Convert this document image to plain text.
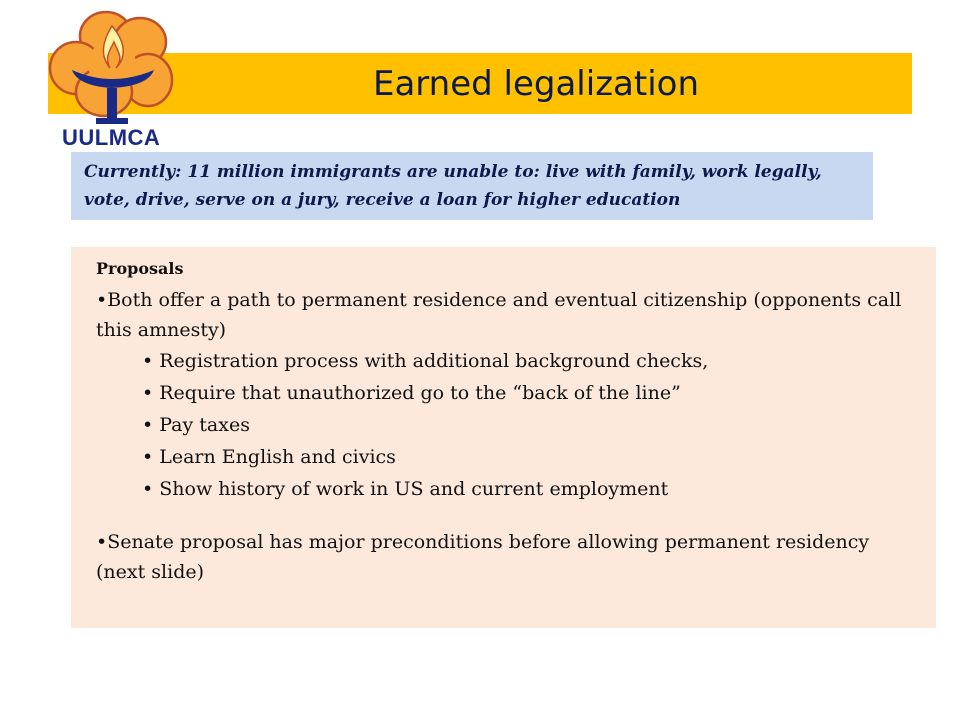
UULMCA
Earned legalization
Currently: 11 million immigrants are unable to: live with family, work legally, vote, drive, serve on a jury, receive a loan for higher education

Proposals

•Both offer a path to permanent residence and eventual citizenship (opponents call this amnesty)

• Registration process with additional background checks,
• Require that unauthorized go to the “back of the line”
• Pay taxes
• Learn English and civics
• Show history of work in US and current employment

•Senate proposal has major preconditions before allowing permanent residency (next slide)
